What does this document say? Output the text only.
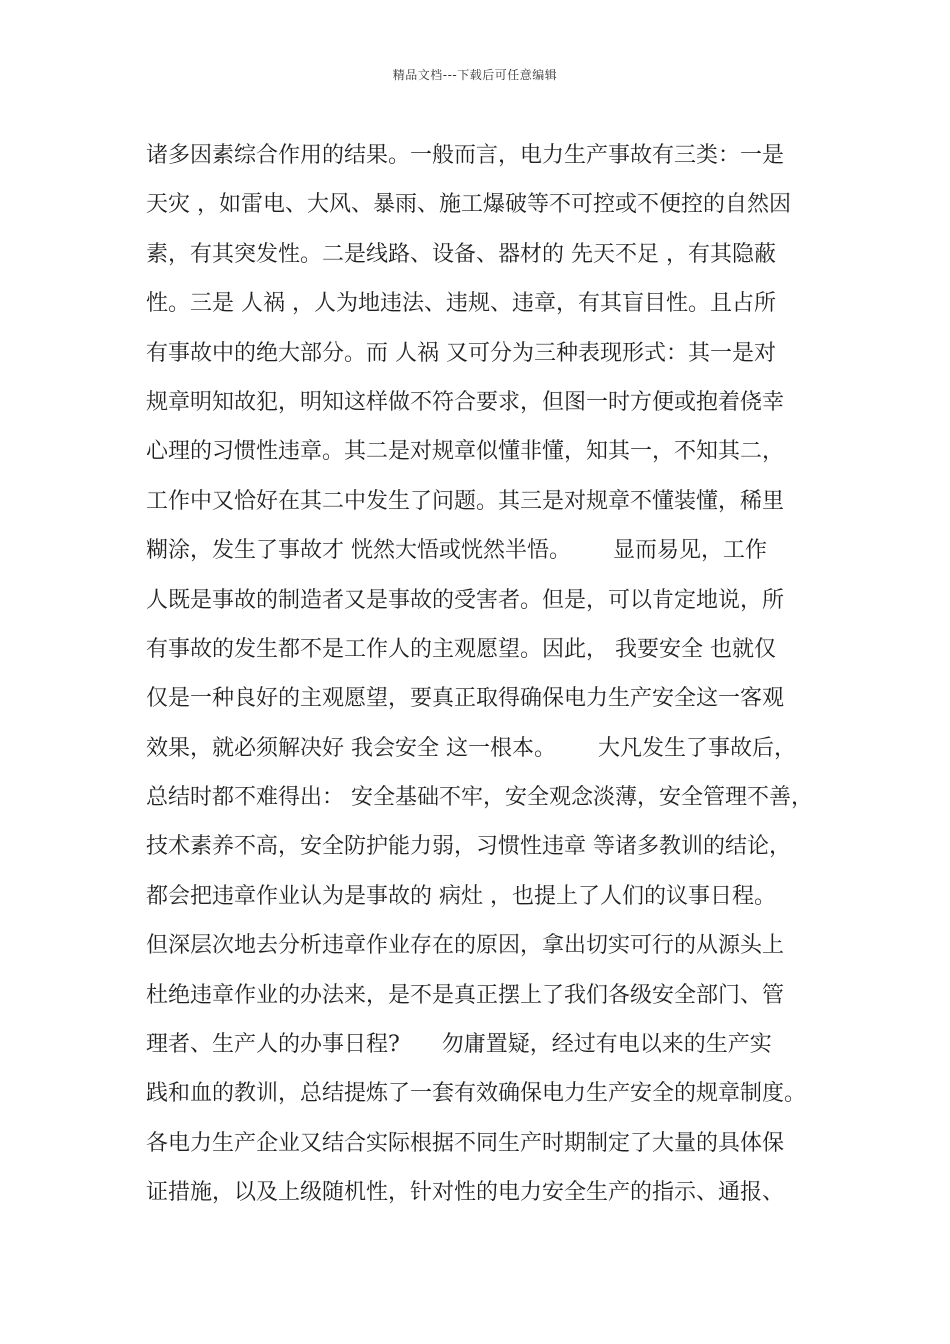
精品文档---下载后可任意编辑
诸多因素综合作用的结果。一般而言，电力生产事故有三类：一是
天灾 ，如雷电、大风、暴雨、施工爆破等不可控或不便控的自然因
素，有其突发性。二是线路、设备、器材的 先天不足 ，有其隐蔽
性。三是 人祸 ，人为地违法、违规、违章，有其盲目性。且占所
有事故中的绝大部分。而 人祸 又可分为三种表现形式：其一是对
规章明知故犯，明知这样做不符合要求，但图一时方便或抱着侥幸
心理的习惯性违章。其二是对规章似懂非懂，知其一，不知其二，
工作中又恰好在其二中发生了问题。其三是对规章不懂装懂，稀里
糊涂，发生了事故才 恍然大悟或恍然半悟。      显而易见，工作
人既是事故的制造者又是事故的受害者。但是，可以肯定地说，所
有事故的发生都不是工作人的主观愿望。因此， 我要安全 也就仅
仅是一种良好的主观愿望，要真正取得确保电力生产安全这一客观
效果，就必须解决好 我会安全 这一根本。      大凡发生了事故后，
总结时都不难得出： 安全基础不牢，安全观念淡薄，安全管理不善，
技术素养不高，安全防护能力弱，习惯性违章 等诸多教训的结论，
都会把违章作业认为是事故的 病灶 ，也提上了人们的议事日程。
但深层次地去分析违章作业存在的原因，拿出切实可行的从源头上
杜绝违章作业的办法来，是不是真正摆上了我们各级安全部门、管
理者、生产人的办事日程?      勿庸置疑，经过有电以来的生产实
践和血的教训，总结提炼了一套有效确保电力生产安全的规章制度。
各电力生产企业又结合实际根据不同生产时期制定了大量的具体保
证措施，以及上级随机性，针对性的电力安全生产的指示、通报、
